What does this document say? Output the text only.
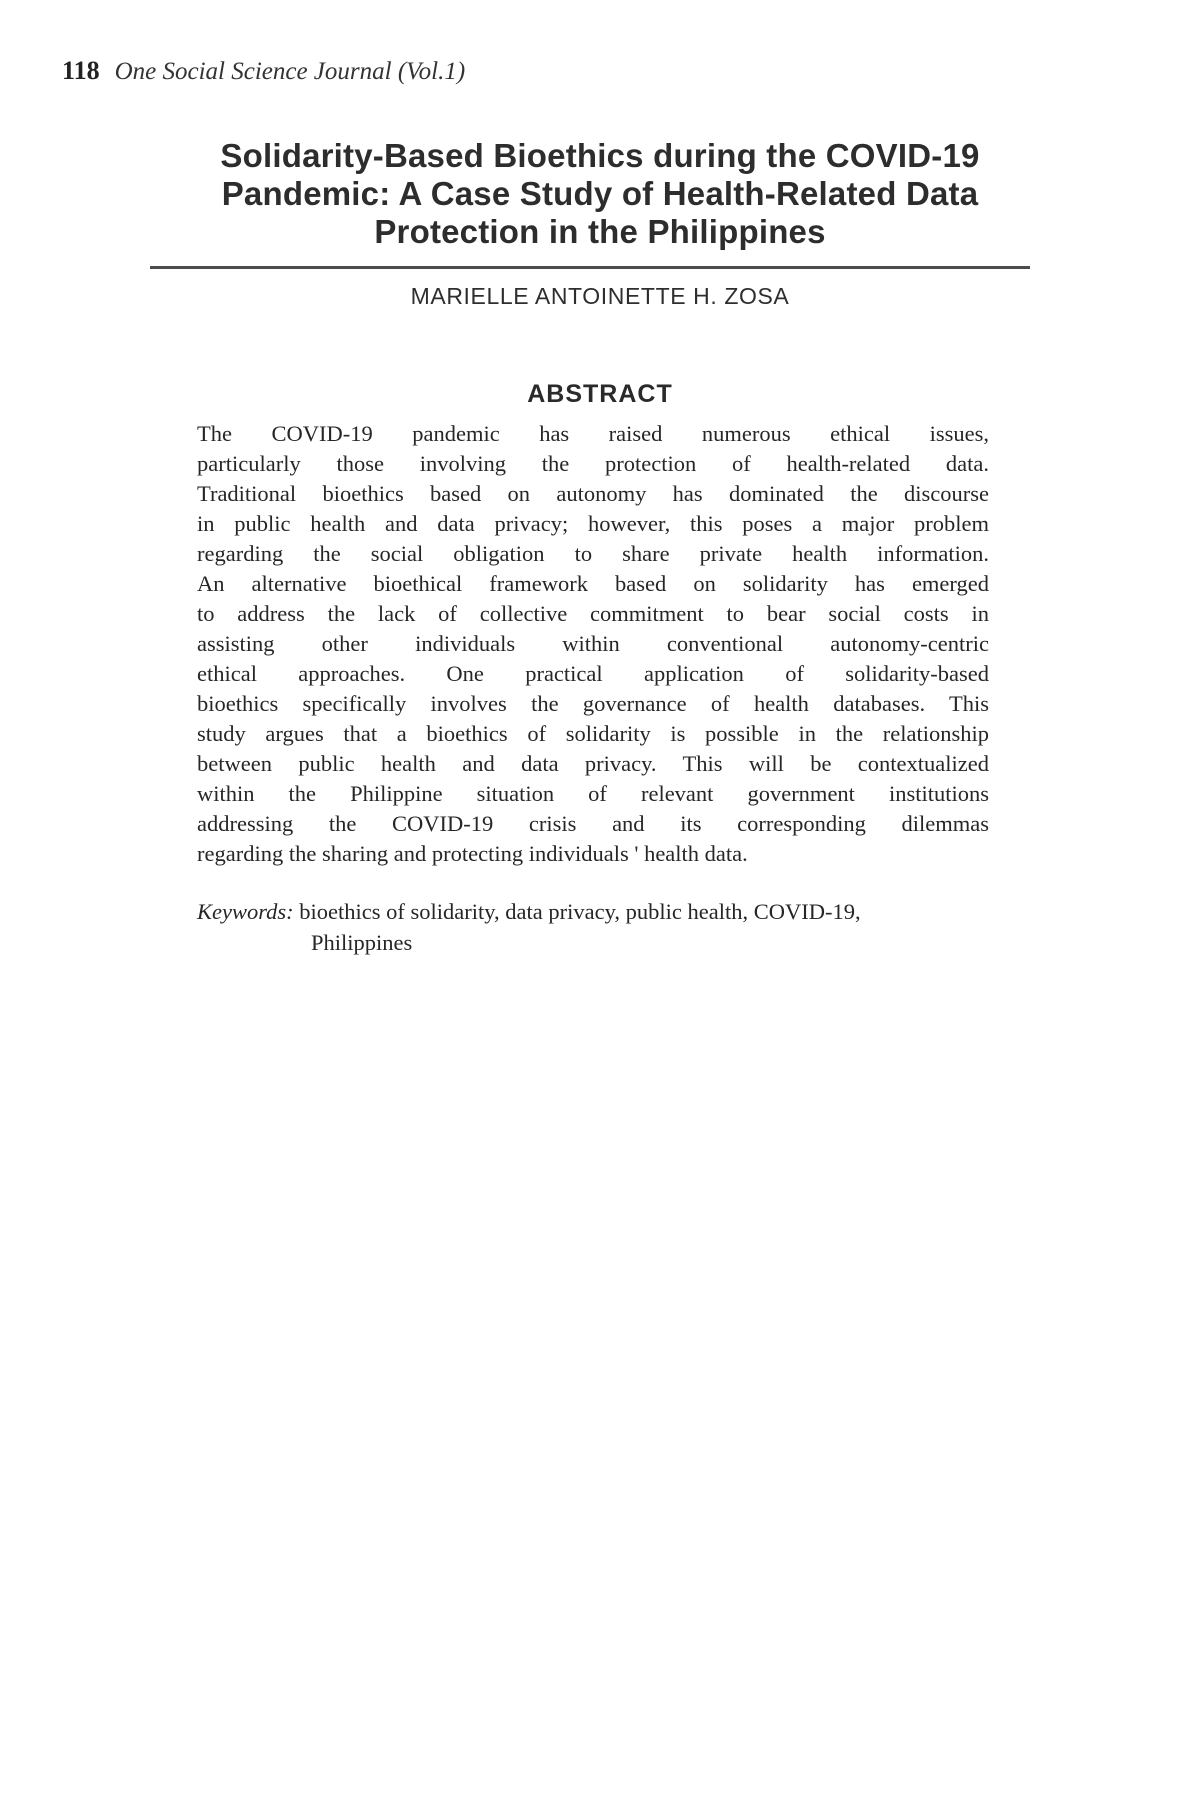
118 One Social Science Journal (Vol.1)
Solidarity-Based Bioethics during the COVID-19
Pandemic: A Case Study of Health-Related Data
Protection in the Philippines
MARIELLE ANTOINETTE H. ZOSA
ABSTRACT
The COVID-19 pandemic has raised numerous ethical issues,
particularly those involving the protection of health-related data.
Traditional bioethics based on autonomy has dominated the discourse
in public health and data privacy; however, this poses a major problem
regarding the social obligation to share private health information.
An alternative bioethical framework based on solidarity has emerged
to address the lack of collective commitment to bear social costs in
assisting other individuals within conventional autonomy-centric
ethical approaches. One practical application of solidarity-based
bioethics specifically involves the governance of health databases. This
study argues that a bioethics of solidarity is possible in the relationship
between public health and data privacy. This will be contextualized
within the Philippine situation of relevant government institutions
addressing the COVID-19 crisis and its corresponding dilemmas
regarding the sharing and protecting individuals ' health data.
Keywords: bioethics of solidarity, data privacy, public health, COVID-19,
Philippines
